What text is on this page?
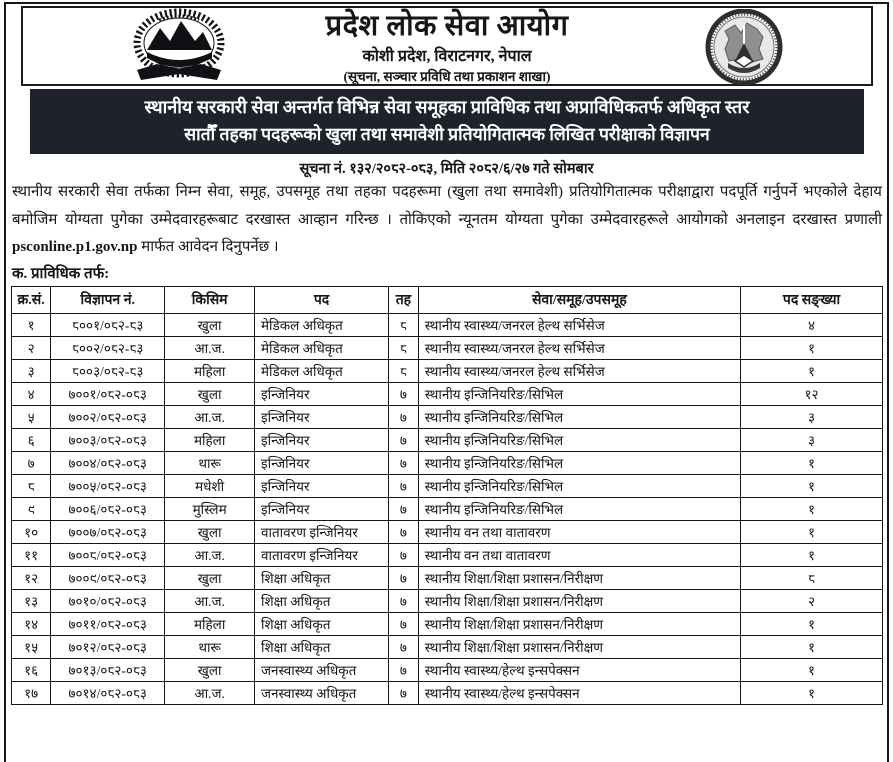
प्रदेश लोक सेवा आयोग
कोशी प्रदेश, विराटनगर, नेपाल
(सूचना, सञ्चार प्रविधि तथा प्रकाशन शाखा)
स्थानीय सरकारी सेवा अन्तर्गत विभिन्न सेवा समूहका प्राविधिक तथा अप्राविधिकतर्फ अधिकृत स्तर
सातौँ तहका पदहरूको खुला तथा समावेशी प्रतियोगितात्मक लिखित परीक्षाको विज्ञापन
सूचना नं. १३२/२०८२-०८३, मिति २०८२/६/२७ गते सोमबार

स्थानीय सरकारी सेवा तर्फका निम्न सेवा, समूह, उपसमूह तथा तहका पदहरूमा (खुला तथा समावेशी) प्रतियोगितात्मक परीक्षाद्वारा पदपूर्ति गर्नुपर्ने भएकोले देहाय बमोजिम योग्यता पुगेका उम्मेदवारहरूबाट दरखास्त आव्हान गरिन्छ । तोकिएको न्यूनतम योग्यता पुगेका उम्मेदवारहरूले आयोगको अनलाइन दरखास्त प्रणाली psconline.p1.gov.np मार्फत आवेदन दिनुपर्नेछ ।

क. प्राविधिक तर्फ:
क्र.सं.	विज्ञापन नं.	किसिम	पद	तह	सेवा/समूह/उपसमूह	पद सङ्ख्या
१	८००१/०८२-८३	खुला	मेडिकल अधिकृत	८	स्थानीय स्वास्थ्य/जनरल हेल्थ सर्भिसेज	४
२	८००२/०८२-८३	आ.ज.	मेडिकल अधिकृत	८	स्थानीय स्वास्थ्य/जनरल हेल्थ सर्भिसेज	१
३	८००३/०८२-८३	महिला	मेडिकल अधिकृत	८	स्थानीय स्वास्थ्य/जनरल हेल्थ सर्भिसेज	१
४	७००१/०८२-०८३	खुला	इन्जिनियर	७	स्थानीय इन्जिनियरिङ/सिभिल	१२
५	७००२/०८२-०८३	आ.ज.	इन्जिनियर	७	स्थानीय इन्जिनियरिङ/सिभिल	३
६	७००३/०८२-०८३	महिला	इन्जिनियर	७	स्थानीय इन्जिनियरिङ/सिभिल	३
७	७००४/०८२-०८३	थारू	इन्जिनियर	७	स्थानीय इन्जिनियरिङ/सिभिल	१
८	७००५/०८२-०८३	मधेशी	इन्जिनियर	७	स्थानीय इन्जिनियरिङ/सिभिल	१
९	७००६/०८२-०८३	मुस्लिम	इन्जिनियर	७	स्थानीय इन्जिनियरिङ/सिभिल	१
१०	७००७/०८२-०८३	खुला	वातावरण इन्जिनियर	७	स्थानीय वन तथा वातावरण	१
११	७००८/०८२-०८३	आ.ज.	वातावरण इन्जिनियर	७	स्थानीय वन तथा वातावरण	१
१२	७००९/०८२-०८३	खुला	शिक्षा अधिकृत	७	स्थानीय शिक्षा/शिक्षा प्रशासन/निरीक्षण	८
१३	७०१०/०८२-०८३	आ.ज.	शिक्षा अधिकृत	७	स्थानीय शिक्षा/शिक्षा प्रशासन/निरीक्षण	२
१४	७०११/०८२-०८३	महिला	शिक्षा अधिकृत	७	स्थानीय शिक्षा/शिक्षा प्रशासन/निरीक्षण	१
१५	७०१२/०८२-०८३	थारू	शिक्षा अधिकृत	७	स्थानीय शिक्षा/शिक्षा प्रशासन/निरीक्षण	१
१६	७०१३/०८२-०८३	खुला	जनस्वास्थ्य अधिकृत	७	स्थानीय स्वास्थ्य/हेल्थ इन्सपेक्सन	१
१७	७०१४/०८२-०८३	आ.ज.	जनस्वास्थ्य अधिकृत	७	स्थानीय स्वास्थ्य/हेल्थ इन्सपेक्सन	१
